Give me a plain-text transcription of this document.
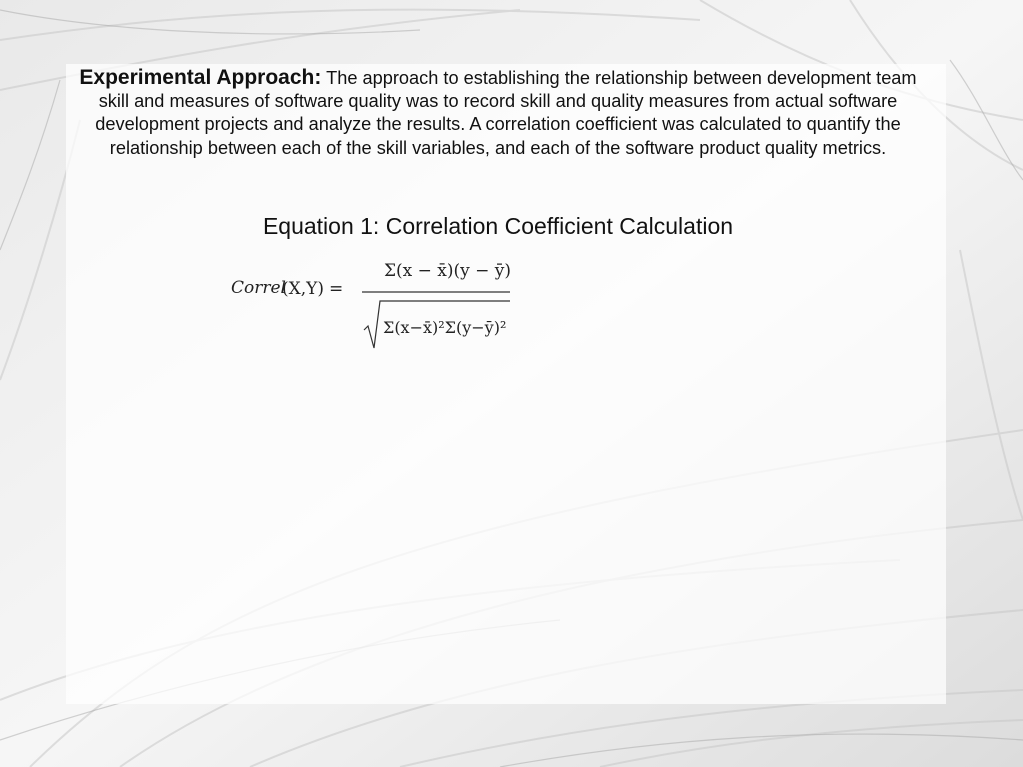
Experimental Approach: The approach to establishing the relationship between development team skill and measures of software quality was to record skill and quality measures from actual software development projects and analyze the results. A correlation coefficient was calculated to quantify the relationship between each of the skill variables, and each of the software product quality metrics.

Equation 1: Correlation Coefficient Calculation
Correl
(X,Y) =
Σ(x − x̄)(y − ȳ)
Σ(x−x̄)²Σ(y−ȳ)²
